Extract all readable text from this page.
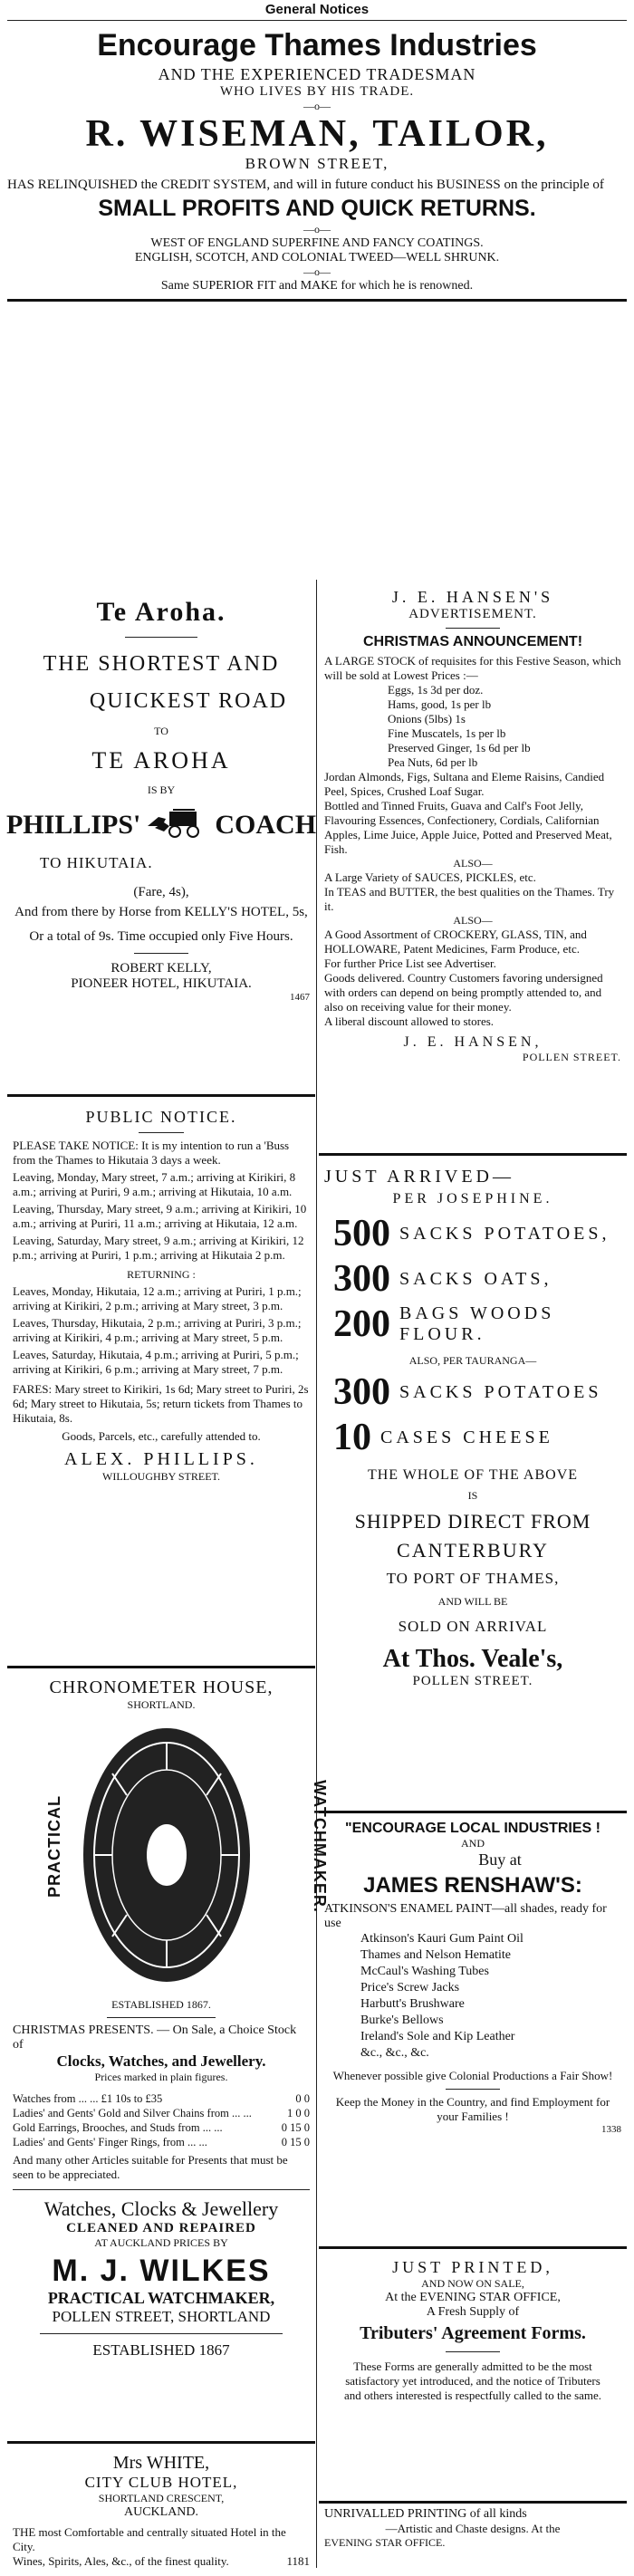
General Notices
Encourage Thames Industries
AND THE EXPERIENCED TRADESMAN
WHO LIVES BY HIS TRADE.
—o—
R. WISEMAN, TAILOR,
BROWN STREET,
HAS RELINQUISHED the CREDIT SYSTEM, and will in future conduct his BUSINESS on the principle of
SMALL PROFITS AND QUICK RETURNS.
—o—
WEST OF ENGLAND SUPERFINE AND FANCY COATINGS.
ENGLISH, SCOTCH, AND COLONIAL TWEED—WELL SHRUNK.
—o—
Same SUPERIOR FIT and MAKE for which he is renowned.
Te Aroha.
THE SHORTEST AND
QUICKEST ROAD
TO
TE AROHA
IS BY
PHILLIPS'	COACH
TO HIKUTAIA.
(Fare, 4s),
And from there by Horse from KELLY'S HOTEL, 5s,
Or a total of 9s. Time occupied only Five Hours.
ROBERT KELLY,
PIONEER HOTEL, HIKUTAIA.
1467
PUBLIC NOTICE.

PLEASE TAKE NOTICE: It is my intention to run a 'Buss from the Thames to Hikutaia 3 days a week.

Leaving, Monday, Mary street, 7 a.m.; arriving at Kirikiri, 8 a.m.; arriving at Puriri, 9 a.m.; arriving at Hikutaia, 10 a.m.

Leaving, Thursday, Mary street, 9 a.m.; arriving at Kirikiri, 10 a.m.; arriving at Puriri, 11 a.m.; arriving at Hikutaia, 12 a.m.

Leaving, Saturday, Mary street, 9 a.m.; arriving at Kirikiri, 12 p.m.; arriving at Puriri, 1 p.m.; arriving at Hikutaia 2 p.m.

RETURNING :

Leaves, Monday, Hikutaia, 12 a.m.; arriving at Puriri, 1 p.m.; arriving at Kirikiri, 2 p.m.; arriving at Mary street, 3 p.m.

Leaves, Thursday, Hikutaia, 2 p.m.; arriving at Puriri, 3 p.m.; arriving at Kirikiri, 4 p.m.; arriving at Mary street, 5 p.m.

Leaves, Saturday, Hikutaia, 4 p.m.; arriving at Puriri, 5 p.m.; arriving at Kirikiri, 6 p.m.; arriving at Mary street, 7 p.m.

FARES: Mary street to Kirikiri, 1s 6d; Mary street to Puriri, 2s 6d; Mary street to Hikutaia, 5s; return tickets from Thames to Hikutaia, 8s.

Goods, Parcels, etc., carefully attended to.

ALEX. PHILLIPS.
WILLOUGHBY STREET.
CHRONOMETER HOUSE,
SHORTLAND.
PRACTICAL	WATCHMAKER.
ESTABLISHED 1867.

CHRISTMAS PRESENTS. — On Sale, a Choice Stock of

Clocks, Watches, and Jewellery.
Prices marked in plain figures.
Watches from ... ... £1 10s to £35	0 0
Ladies' and Gents' Gold and Silver Chains from ... ...	1 0 0
Gold Earrings, Brooches, and Studs from ... ...	0 15 0
Ladies' and Gents' Finger Rings, from ... ...	0 15 0

And many other Articles suitable for Presents that must be seen to be appreciated.

Watches, Clocks & Jewellery
CLEANED AND REPAIRED
AT AUCKLAND PRICES BY
M. J. WILKES
PRACTICAL WATCHMAKER,
POLLEN STREET, SHORTLAND
ESTABLISHED 1867
Mrs WHITE,
CITY CLUB HOTEL,
SHORTLAND CRESCENT,
AUCKLAND.

THE most Comfortable and centrally situated Hotel in the City.

Wines, Spirits, Ales, &c., of the finest quality.	1181
J. E. HANSEN'S
ADVERTISEMENT.
CHRISTMAS ANNOUNCEMENT!

A LARGE STOCK of requisites for this Festive Season, which will be sold at Lowest Prices :—

Eggs, 1s 3d per doz.
Hams, good, 1s per lb
Onions (5lbs) 1s
Fine Muscatels, 1s per lb
Preserved Ginger, 1s 6d per lb
Pea Nuts, 6d per lb

Jordan Almonds, Figs, Sultana and Eleme Raisins, Candied Peel, Spices, Crushed Loaf Sugar.

Bottled and Tinned Fruits, Guava and Calf's Foot Jelly, Flavouring Essences, Confectionery, Cordials, Californian Apples, Lime Juice, Apple Juice, Potted and Preserved Meat, Fish.

ALSO—

A Large Variety of SAUCES, PICKLES, etc.

In TEAS and BUTTER, the best qualities on the Thames. Try it.

ALSO—

A Good Assortment of CROCKERY, GLASS, TIN, and HOLLOWARE, Patent Medicines, Farm Produce, etc.

For further Price List see Advertiser.

Goods delivered. Country Customers favoring undersigned with orders can depend on being promptly attended to, and also on receiving value for their money.

A liberal discount allowed to stores.

J. E. HANSEN,
POLLEN STREET.
JUST ARRIVED—
PER JOSEPHINE.
500 SACKS POTATOES,
300 SACKS OATS,
200 BAGS WOODS FLOUR.
ALSO, PER TAURANGA—
300 SACKS POTATOES
10 CASES CHEESE
THE WHOLE OF THE ABOVE
IS
SHIPPED DIRECT FROM
CANTERBURY
TO PORT OF THAMES,
AND WILL BE
SOLD ON ARRIVAL
At Thos. Veale's,
POLLEN STREET.
"ENCOURAGE LOCAL INDUSTRIES !
AND
Buy at
JAMES RENSHAW'S:

ATKINSON'S ENAMEL PAINT—all shades, ready for use

Atkinson's Kauri Gum Paint Oil
Thames and Nelson Hematite
McCaul's Washing Tubes
Price's Screw Jacks
Harbutt's Brushware
Burke's Bellows
Ireland's Sole and Kip Leather
&c., &c., &c.

Whenever possible give Colonial Productions a Fair Show!

Keep the Money in the Country, and find Employment for your Families !

1338
JUST PRINTED,
AND NOW ON SALE,
At the EVENING STAR OFFICE,
A Fresh Supply of
Tributers' Agreement Forms.

These Forms are generally admitted to be the most satisfactory yet introduced, and the notice of Tributers and others interested is respectfully called to the same.

UNRIVALLED PRINTING of all kinds
—Artistic and Chaste designs. At the
EVENING STAR OFFICE.
